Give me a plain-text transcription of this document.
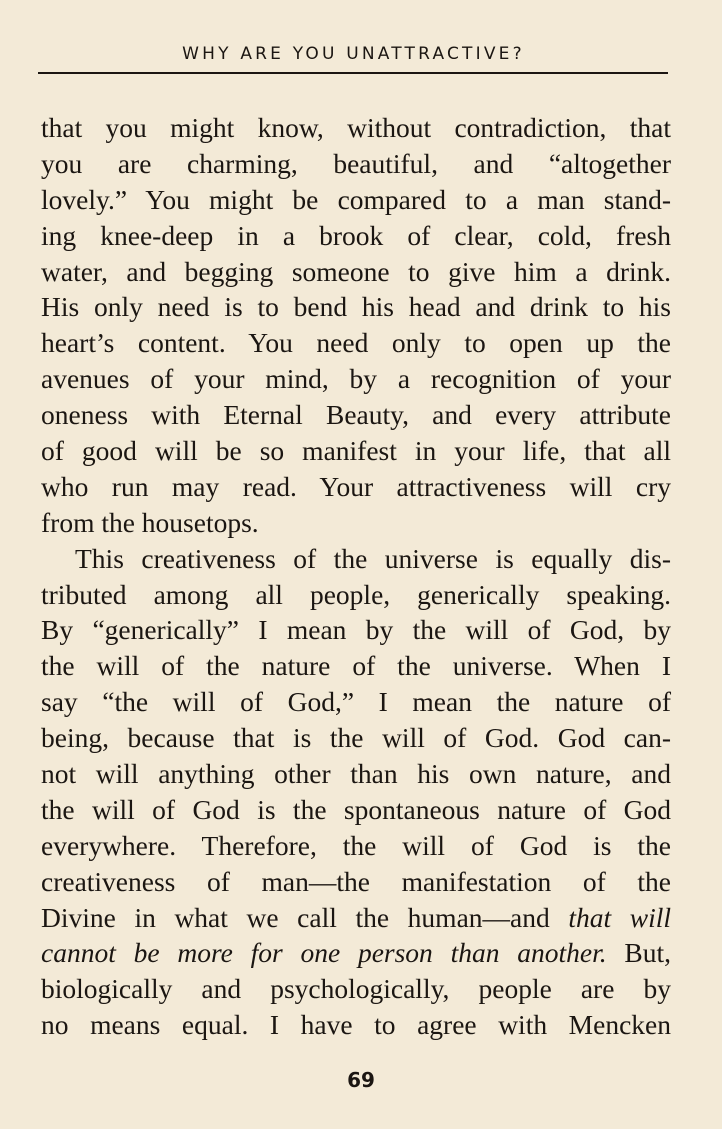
WHY ARE YOU UNATTRACTIVE?
that you might know, without contradiction, that
you are charming, beautiful, and “altogether
lovely.” You might be compared to a man stand-
ing knee-deep in a brook of clear, cold, fresh
water, and begging someone to give him a drink.
His only need is to bend his head and drink to his
heart’s content. You need only to open up the
avenues of your mind, by a recognition of your
oneness with Eternal Beauty, and every attribute
of good will be so manifest in your life, that all
who run may read. Your attractiveness will cry
from the housetops.
This creativeness of the universe is equally dis-
tributed among all people, generically speaking.
By “generically” I mean by the will of God, by
the will of the nature of the universe. When I
say “the will of God,” I mean the nature of
being, because that is the will of God. God can-
not will anything other than his own nature, and
the will of God is the spontaneous nature of God
everywhere. Therefore, the will of God is the
creativeness of man—the manifestation of the
Divine in what we call the human—and that will
cannot be more for one person than another. But,
biologically and psychologically, people are by
no means equal. I have to agree with Mencken
69
